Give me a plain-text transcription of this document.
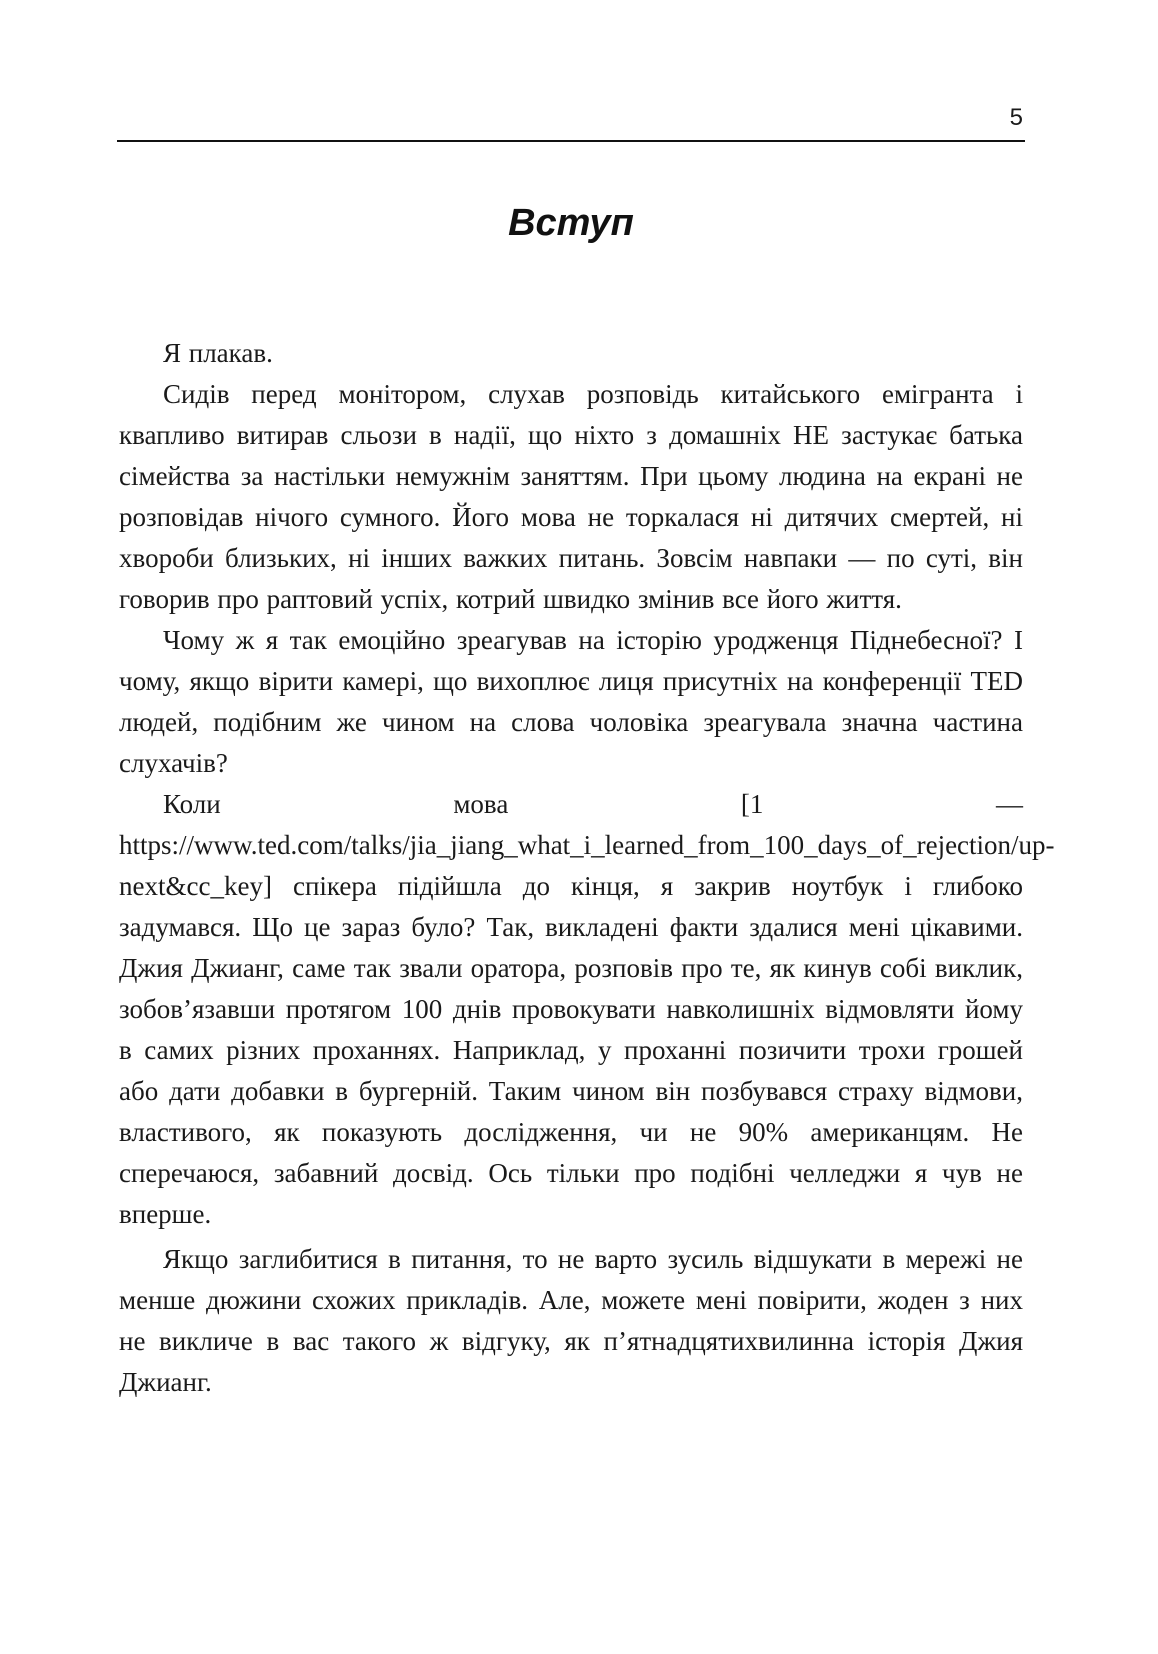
5
Вступ

Я плакав.

Сидів перед монітором, слухав розповідь китайського емігранта і квапливо витирав сльози в надії, що ніхто з домашніх НЕ застукає батька сімейства за настільки немужнім заняттям. При цьому людина на екрані не розповідав нічого сумного. Його мова не торкалася ні дитячих смертей, ні хвороби близьких, ні інших важких питань. Зовсім навпаки — по суті, він говорив про раптовий успіх, котрий швидко змінив все його життя.

Чому ж я так емоційно зреагував на історію уродженця Піднебесної? І чому, якщо вірити камері, що вихоплює лиця присутніх на конференції TED людей, подібним же чином на слова чоловіка зреагувала значна частина слухачів?

Коли мова [1 — https://www.ted.com/talks/jia_jiang_what_i_learned_from_100_days_of_rejection/up-next&cc_key] спікера підійшла до кінця, я закрив ноутбук і глибоко задумався. Що це зараз було? Так, викладені факти здалися мені цікавими. Джия Джианг, саме так звали оратора, розповів про те, як кинув собі виклик, зобов’язавши протягом 100 днів провокувати навколишніх відмовляти йому в самих різних проханнях. Наприклад, у проханні позичити трохи грошей або дати добавки в бургерній. Таким чином він позбувався страху відмови, властивого, як показують дослідження, чи не 90% американцям. Не сперечаюся, забавний досвід. Ось тільки про подібні челледжи я чув не вперше.

Якщо заглибитися в питання, то не варто зусиль відшукати в мережі не менше дюжини схожих прикладів. Але, можете мені повірити, жоден з них не викличе в вас такого ж відгуку, як п’ятнадцятихвилинна історія Джия Джианг.
